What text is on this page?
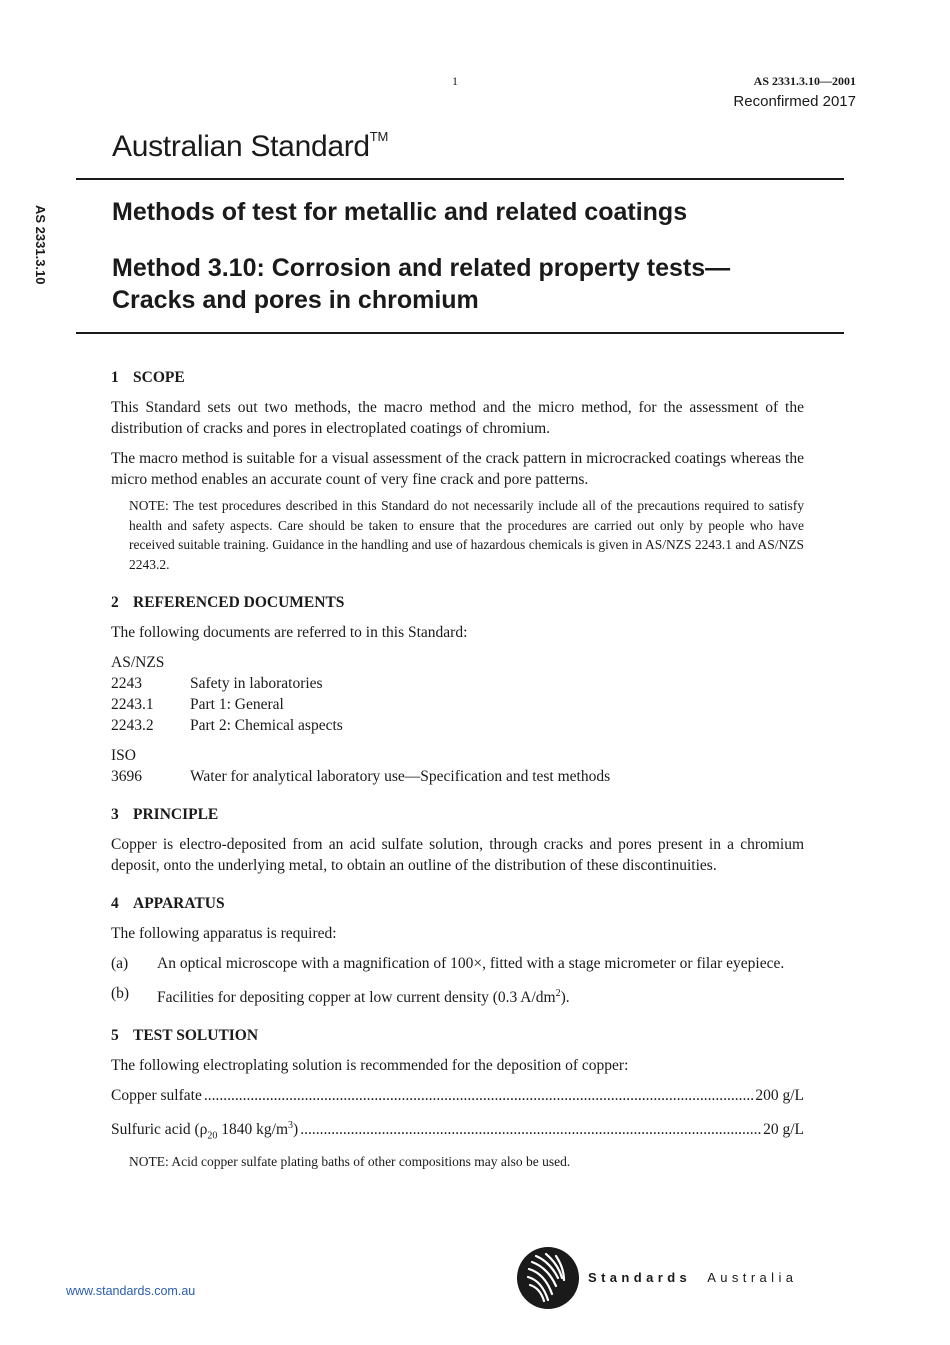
1	AS 2331.3.10—2001
Reconfirmed 2017
Australian Standard™
AS 2331.3.10	Methods of test for metallic and related coatings
Method 3.10: Corrosion and related property tests—Cracks and pores in chromium
1 SCOPE

This Standard sets out two methods, the macro method and the micro method, for the assessment of the distribution of cracks and pores in electroplated coatings of chromium.

The macro method is suitable for a visual assessment of the crack pattern in microcracked coatings whereas the micro method enables an accurate count of very fine crack and pore patterns.

NOTE: The test procedures described in this Standard do not necessarily include all of the precautions required to satisfy health and safety aspects. Care should be taken to ensure that the procedures are carried out only by people who have received suitable training. Guidance in the handling and use of hazardous chemicals is given in AS/NZS 2243.1 and AS/NZS 2243.2.
2 REFERENCED DOCUMENTS

The following documents are referred to in this Standard:

AS/NZS
2243	Safety in laboratories
2243.1	Part 1: General
2243.2	Part 2: Chemical aspects
ISO
3696	Water for analytical laboratory use—Specification and test methods
3 PRINCIPLE

Copper is electro-deposited from an acid sulfate solution, through cracks and pores present in a chromium deposit, onto the underlying metal, to obtain an outline of the distribution of these discontinuities.

4 APPARATUS

The following apparatus is required:

(a)	An optical microscope with a magnification of 100×, fitted with a stage micrometer or filar eyepiece.
(b)	Facilities for depositing copper at low current density (0.3 $A/dm^2$).
5 TEST SOLUTION

The following electroplating solution is recommended for the deposition of copper:

Copper sulfate .....	200 g/L
Sulfuric acid ($\rho_{20}$ 1840 $kg/m^3$) .....	20 g/L
NOTE: Acid copper sulfate plating baths of other compositions may also be used.
www.standards.com.au
Standards Australia
